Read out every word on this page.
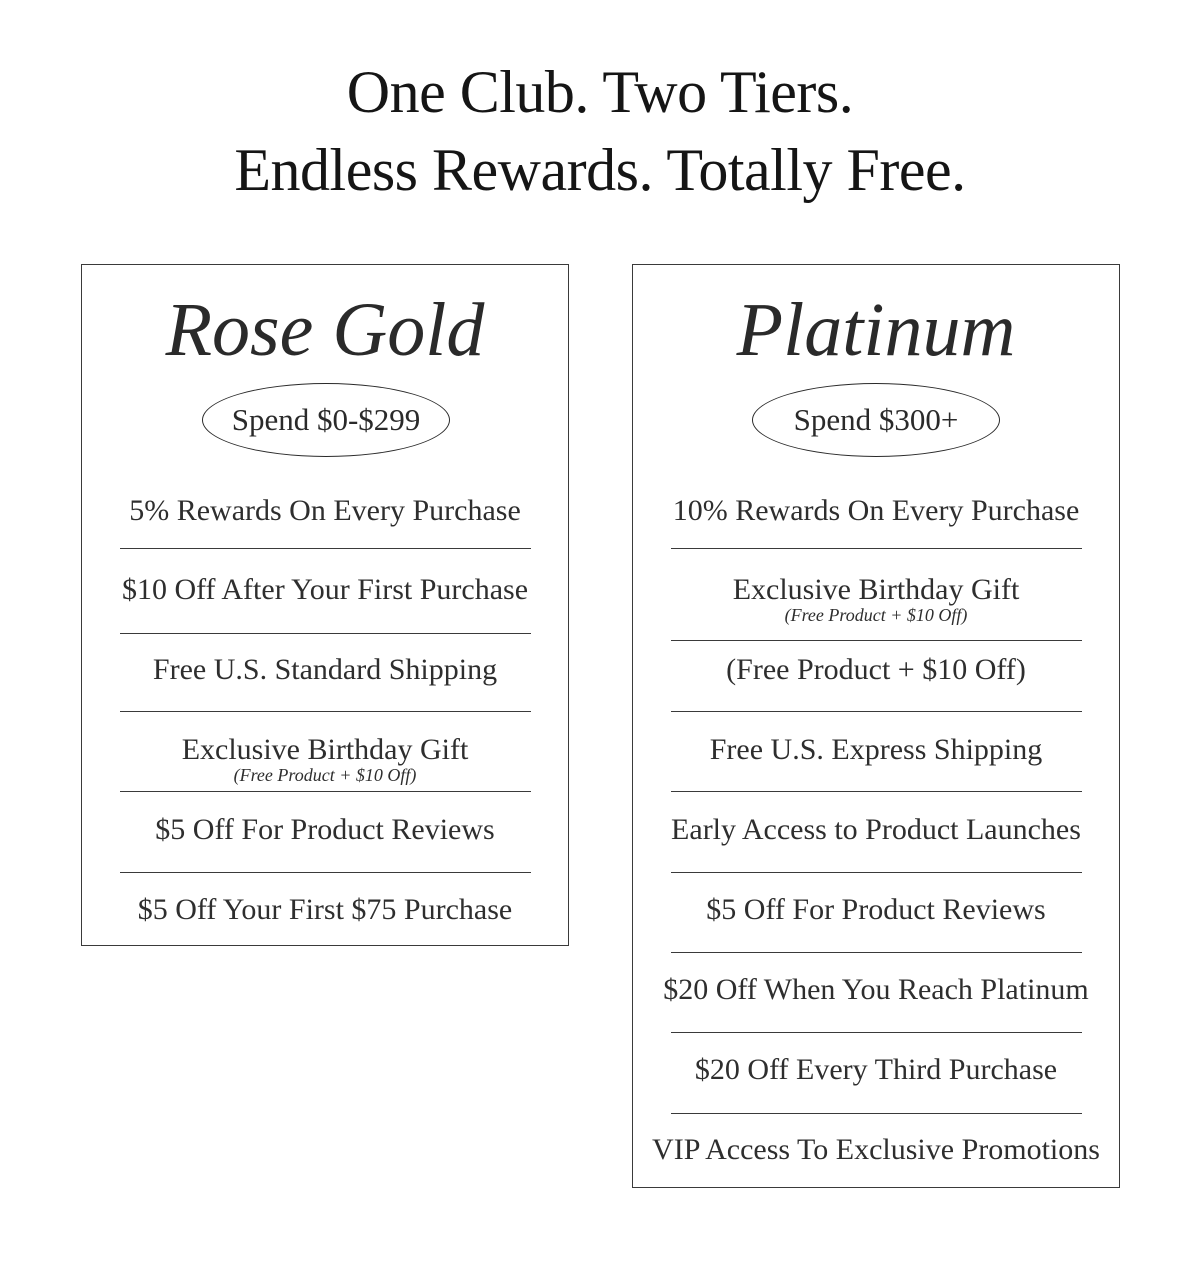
One Club. Two Tiers.
Endless Rewards. Totally Free.
Rose Gold
Spend $0-$299
5% Rewards On Every Purchase
$10 Off After Your First Purchase
Free U.S. Standard Shipping
Exclusive Birthday Gift
(Free Product + $10 Off)
$5 Off For Product Reviews
$5 Off Your First $75 Purchase
Platinum
Spend $300+
10% Rewards On Every Purchase
Exclusive Birthday Gift
(Free Product + $10 Off)
(Free Product + $10 Off)
Free U.S. Express Shipping
Early Access to Product Launches
$5 Off For Product Reviews
$20 Off When You Reach Platinum
$20 Off Every Third Purchase
VIP Access To Exclusive Promotions
